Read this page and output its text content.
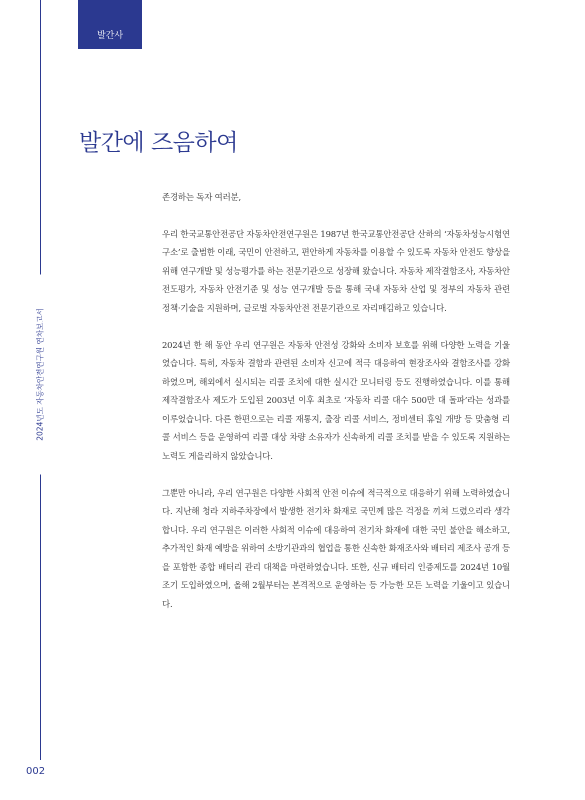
발간사
2024년도 자동차안전연구원 연차보고서
002
발간에 즈음하여

존경하는 독자 여러분,

우리 한국교통안전공단 자동차안전연구원은 1987년 한국교통안전공단 산하의 ‘자동차성능시험연구소’로 출범한 이래, 국민이 안전하고, 편안하게 자동차를 이용할 수 있도록 자동차 안전도 향상을 위해 연구개발 및 성능평가를 하는 전문기관으로 성장해 왔습니다. 자동차 제작결함조사, 자동차안전도평가, 자동차 안전기준 및 성능 연구개발 등을 통해 국내 자동차 산업 및 정부의 자동차 관련 정책·기술을 지원하며, 글로벌 자동차안전 전문기관으로 자리매김하고 있습니다.

2024년 한 해 동안 우리 연구원은 자동차 안전성 강화와 소비자 보호를 위해 다양한 노력을 기울였습니다. 특히, 자동차 결함과 관련된 소비자 신고에 적극 대응하여 현장조사와 결함조사를 강화하였으며, 해외에서 실시되는 리콜 조치에 대한 실시간 모니터링 등도 진행하였습니다. 이를 통해 제작결함조사 제도가 도입된 2003년 이후 최초로 ‘자동차 리콜 대수 500만 대 돌파’라는 성과를 이루었습니다. 다른 한편으로는 리콜 재통지, 출장 리콜 서비스, 정비센터 휴일 개방 등 맞춤형 리콜 서비스 등을 운영하여 리콜 대상 차량 소유자가 신속하게 리콜 조치를 받을 수 있도록 지원하는 노력도 게을리하지 않았습니다.

그뿐만 아니라, 우리 연구원은 다양한 사회적 안전 이슈에 적극적으로 대응하기 위해 노력하였습니다. 지난해 청라 지하주차장에서 발생한 전기차 화재로 국민께 많은 걱정을 끼쳐 드렸으리라 생각합니다. 우리 연구원은 이러한 사회적 이슈에 대응하여 전기차 화재에 대한 국민 불안을 해소하고, 추가적인 화재 예방을 위하여 소방기관과의 협업을 통한 신속한 화재조사와 배터리 제조사 공개 등을 포함한 종합 배터리 관리 대책을 마련하였습니다. 또한, 신규 배터리 인증제도를 2024년 10월 조기 도입하였으며, 올해 2월부터는 본격적으로 운영하는 등 가능한 모든 노력을 기울이고 있습니다.
